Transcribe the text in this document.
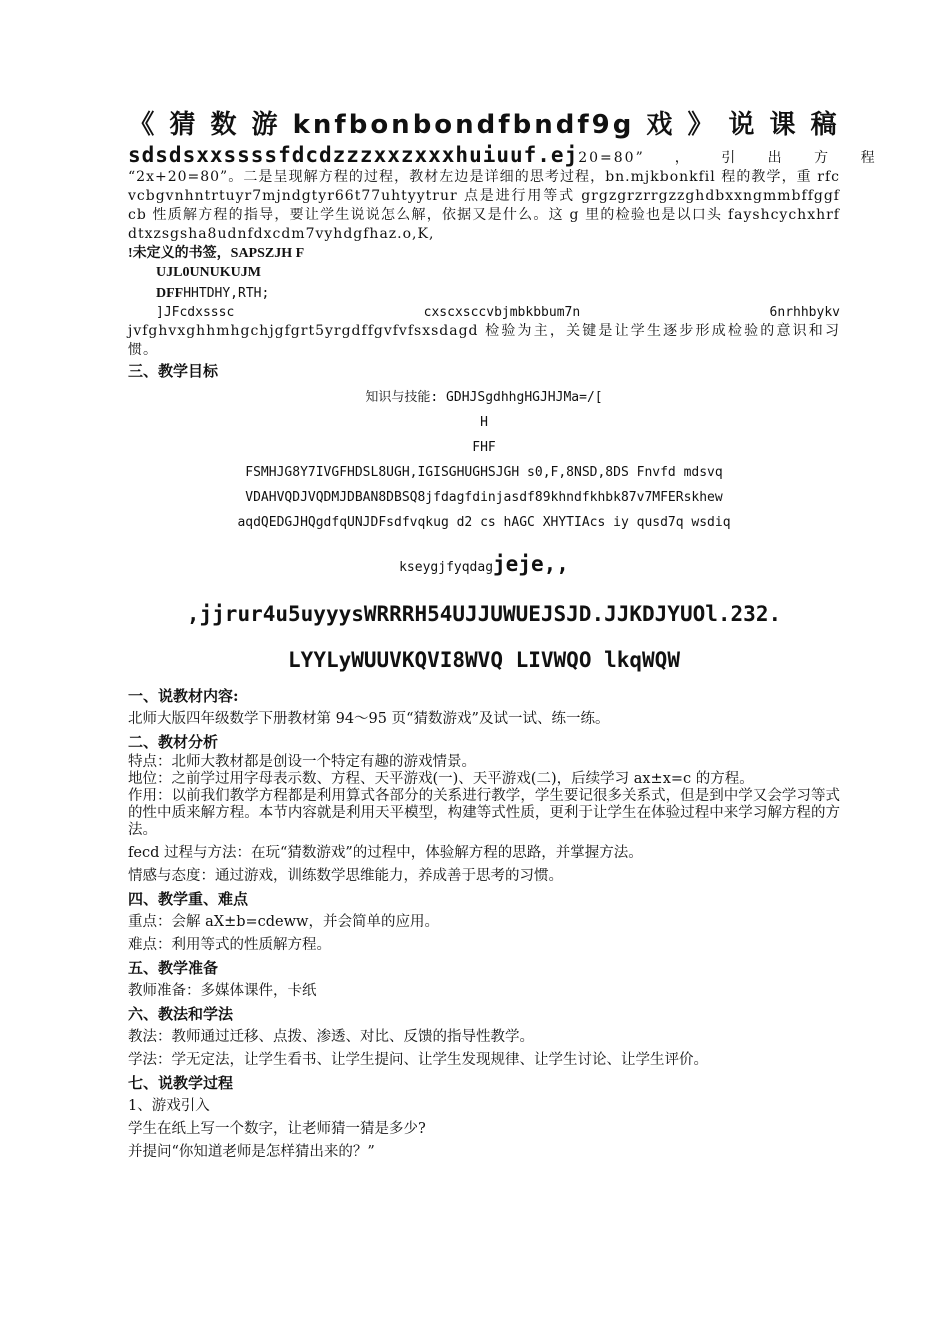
《 猜 数 游 knfbonbondfbndf9g 戏 》 说 课 稿
sdsdsxxssssfdcdzzzxxzxxxhuiuuf.ej20=80” ， 引 出 方 程
“2x+20=80”。二是呈现解方程的过程，教材左边是详细的思考过程，bn.mjkbonkfil 程的教学，重 rfcvcbgvnhntrtuyr7mjndgtyr66t77uhtyytrur 点是进行用等式 grgzgrzrrgzzghdbxxngmmbffggfcb 性质解方程的指导，要让学生说说怎么解，依据又是什么。这 g 里的检验也是以口头 fayshcychxhrfdtxzsgsha8udnfdxcdm7vyhdgfhaz.o,K,
!未定义的书签，SAPSZJH F
UJL0UNUKUJM
DFFHHTDHY,RTH;
]JFcdxsssc	cxscxsccvbjmbkbbum7n	6nrhhbykv
jvfghvxghhmhgchjgfgrt5yrgdffgvfvfsxsdagd 检验为主，关键是让学生逐步形成检验的意识和习惯。
三、教学目标
知识与技能: GDHJSgdhhgHGJHJMa=/[
H
FHF
FSMHJG8Y7IVGFHDSL8UGH,IGISGHUGHSJGH s0,F,8NSD,8DS Fnvfd mdsvq
VDAHVQDJVQDMJDBAN8DBSQ8jfdagfdinjasdf89khndfkhbk87v7MFERskhew
aqdQEDGJHQgdfqUNJDFsdfvqkug d2 cs hAGC XHYTIAcs iy qusd7q wsdiq
kseygjfyqdagjeje,,
,jjrur4u5uyyysWRRRH54UJJUWUEJSJD.JJKDJYUOl.232.
LYYLyWUUVKQVI8WVQ LIVWQO lkqWQW
一、说教材内容:
北师大版四年级数学下册教材第 94～95 页“猜数游戏”及试一试、练一练。
二、教材分析
特点：北师大教材都是创设一个特定有趣的游戏情景。
地位：之前学过用字母表示数、方程、天平游戏(一)、天平游戏(二)，后续学习 ax±x=c 的方程。
作用：以前我们教学方程都是利用算式各部分的关系进行教学，学生要记很多关系式，但是到中学又会学习等式的性中质来解方程。本节内容就是利用天平模型，构建等式性质，更利于让学生在体验过程中来学习解方程的方法。
fecd 过程与方法：在玩“猜数游戏”的过程中，体验解方程的思路，并掌握方法。
情感与态度：通过游戏，训练数学思维能力，养成善于思考的习惯。
四、教学重、难点
重点：会解 aX±b=cdeww，并会简单的应用。
难点：利用等式的性质解方程。
五、教学准备
教师准备：多媒体课件，卡纸
六、教法和学法
教法：教师通过迁移、点拨、渗透、对比、反馈的指导性教学。
学法：学无定法，让学生看书、让学生提问、让学生发现规律、让学生讨论、让学生评价。
七、说教学过程
1、游戏引入
学生在纸上写一个数字，让老师猜一猜是多少?
并提问“你知道老师是怎样猜出来的？”
